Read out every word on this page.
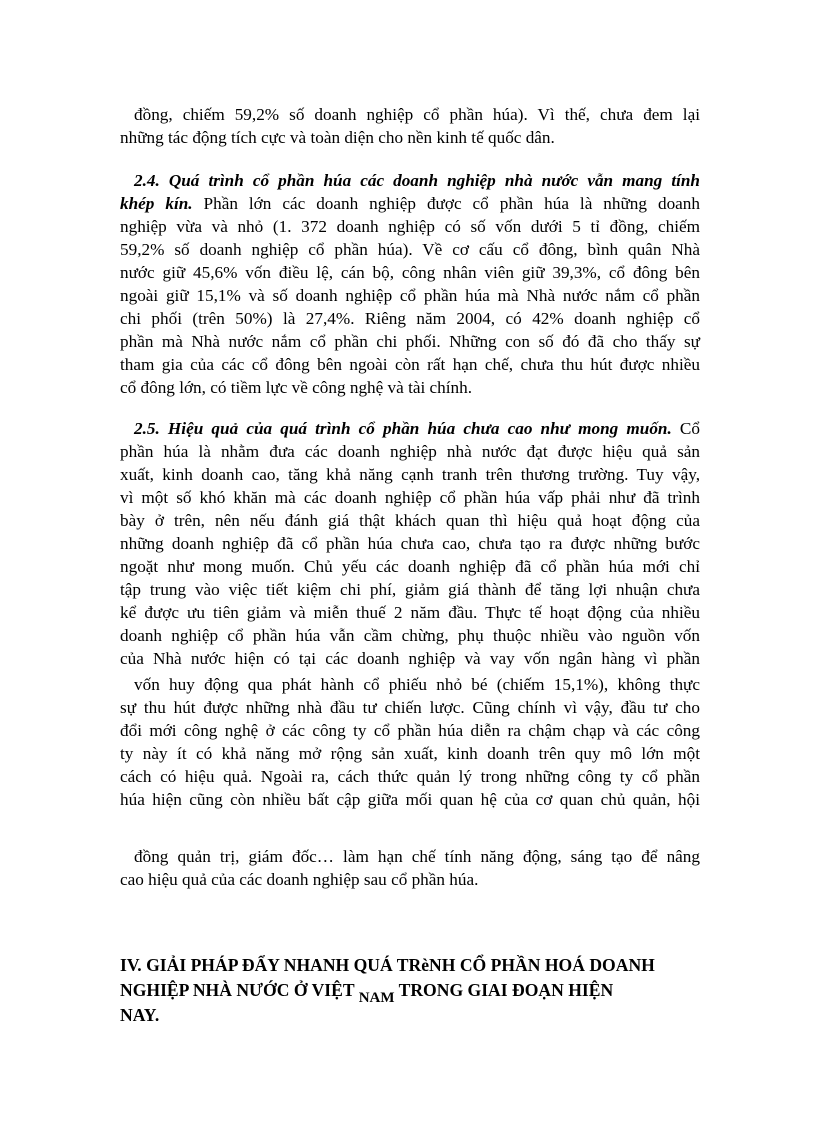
đồng, chiếm 59,2% số doanh nghiệp cổ phần húa). Vì thế, chưa đem lại
những tác động tích cực và toàn diện cho nền kinh tế quốc dân.
2.4. Quá trình cổ phần húa các doanh nghiệp nhà nước vẫn mang tính
khép kín. Phần lớn các doanh nghiệp được cổ phần húa là những doanh
nghiệp vừa và nhỏ (1. 372 doanh nghiệp có số vốn dưới 5 tỉ đồng, chiếm
59,2% số doanh nghiệp cổ phần húa). Về cơ cấu cổ đông, bình quân Nhà
nước giữ 45,6% vốn điều lệ, cán bộ, công nhân viên giữ 39,3%, cổ đông bên
ngoài giữ 15,1% và số doanh nghiệp cổ phần húa mà Nhà nước nắm cổ phần
chi phối (trên 50%) là 27,4%. Riêng năm 2004, có 42% doanh nghiệp cổ
phần mà Nhà nước nắm cổ phần chi phối. Những con số đó đã cho thấy sự
tham gia của các cổ đông bên ngoài còn rất hạn chế, chưa thu hút được nhiều
cổ đông lớn, có tiềm lực về công nghệ và tài chính.
2.5. Hiệu quả của quá trình cổ phần húa chưa cao như mong muốn. Cổ
phần húa là nhằm đưa các doanh nghiệp nhà nước đạt được hiệu quả sản
xuất, kinh doanh cao, tăng khả năng cạnh tranh trên thương trường. Tuy vậy,
vì một số khó khăn mà các doanh nghiệp cổ phần húa vấp phải như đã trình
bày ở trên, nên nếu đánh giá thật khách quan thì hiệu quả hoạt động của
những doanh nghiệp đã cổ phần húa chưa cao, chưa tạo ra được những bước
ngoặt như mong muốn. Chủ yếu các doanh nghiệp đã cổ phần húa mới chỉ
tập trung vào việc tiết kiệm chi phí, giảm giá thành để tăng lợi nhuận chưa
kể được ưu tiên giảm và miễn thuế 2 năm đầu. Thực tế hoạt động của nhiều
doanh nghiệp cổ phần húa vẫn cầm chừng, phụ thuộc nhiều vào nguồn vốn
của Nhà nước hiện có tại các doanh nghiệp và vay vốn ngân hàng vì phần
vốn huy động qua phát hành cổ phiếu nhỏ bé (chiếm 15,1%), không thực
sự thu hút được những nhà đầu tư chiến lược. Cũng chính vì vậy, đầu tư cho
đổi mới công nghệ ở các công ty cổ phần húa diễn ra chậm chạp và các công
ty này ít có khả năng mở rộng sản xuất, kinh doanh trên quy mô lớn một
cách có hiệu quả. Ngoài ra, cách thức quản lý trong những công ty cổ phần
húa hiện cũng còn nhiều bất cập giữa mối quan hệ của cơ quan chủ quản, hội
đồng quản trị, giám đốc… làm hạn chế tính năng động, sáng tạo để nâng
cao hiệu quả của các doanh nghiệp sau cổ phần húa.
IV. GIẢI PHÁP ĐẨY NHANH QUÁ TRèNH CỔ PHẦN HOÁ DOANH
NGHIỆP NHÀ NƯỚC Ở VIỆT NAM TRONG GIAI ĐOẠN HIỆN
NAY.
